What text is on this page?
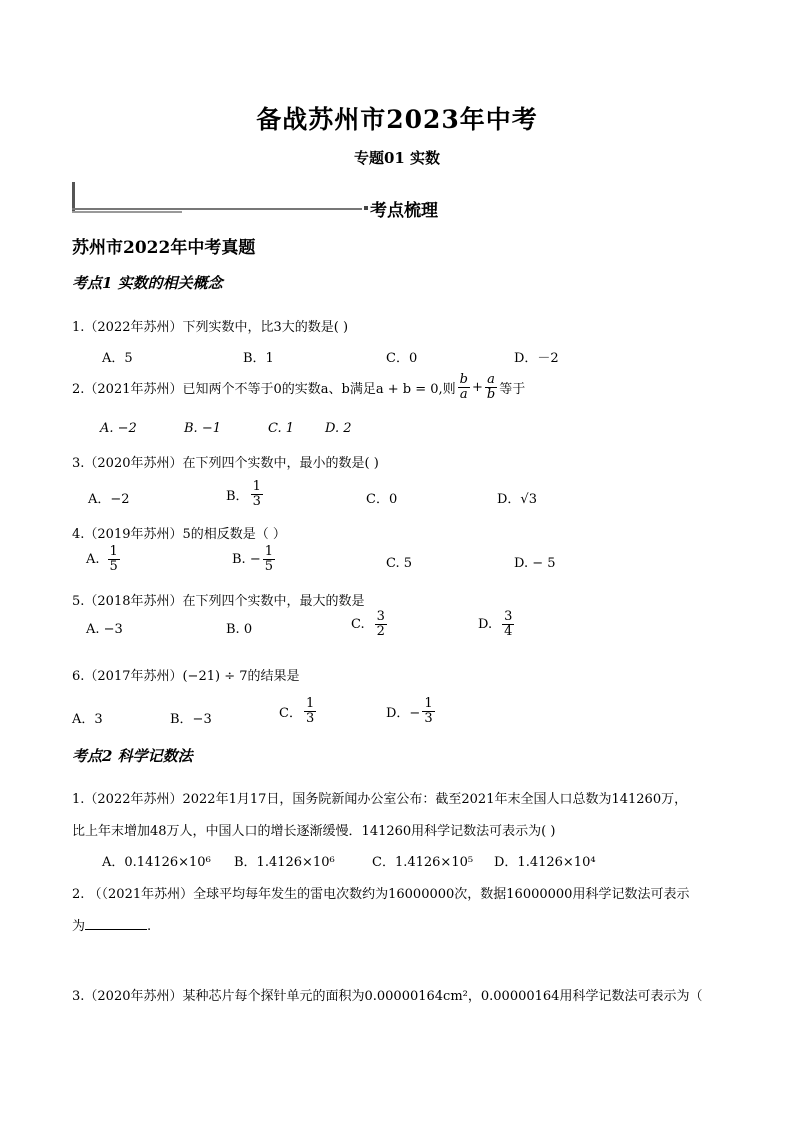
备战苏州市2023年中考
专题01 实数
考点梳理
苏州市2022年中考真题
考点1 实数的相关概念
1.（2022年苏州）下列实数中，比3大的数是( )
A．5	B．1	C．0	D．－2
2.（2021年苏州）已知两个不等于0的实数a、b满足a + b = 0,则 $\frac{b}{a} + \frac{a}{b}$ 等于
A. −2	B. −1	C. 1 D. 2
3.（2020年苏州）在下列四个实数中，最小的数是( )
A．−2	B． $\frac{1}{3}$	C．0	D．√3
4.（2019年苏州）5的相反数是（ ）
A. $\frac{1}{5}$	B. − $\frac{1}{5}$	C. 5	D. − 5
5.（2018年苏州）在下列四个实数中，最大的数是
A. −3	B. 0	C. $\frac{3}{2}$	D. $\frac{3}{4}$
6.（2017年苏州）(−21) ÷ 7的结果是
A．3	B．−3	C． $\frac{1}{3}$	D．− $\frac{1}{3}$
考点2 科学记数法
1.（2022年苏州）2022年1月17日，国务院新闻办公室公布：截至2021年末全国人口总数为141260万，
比上年末增加48万人，中国人口的增长逐渐缓慢．141260用科学记数法可表示为( )
A．0.14126×10⁶ B．1.4126×10⁶	C．1.4126×10⁵ D．1.4126×10⁴
2. （（2021年苏州）全球平均每年发生的雷电次数约为16000000次，数据16000000用科学记数法可表示
为	.
3.（2020年苏州）某种芯片每个探针单元的面积为0.00000164cm²，0.00000164用科学记数法可表示为（
